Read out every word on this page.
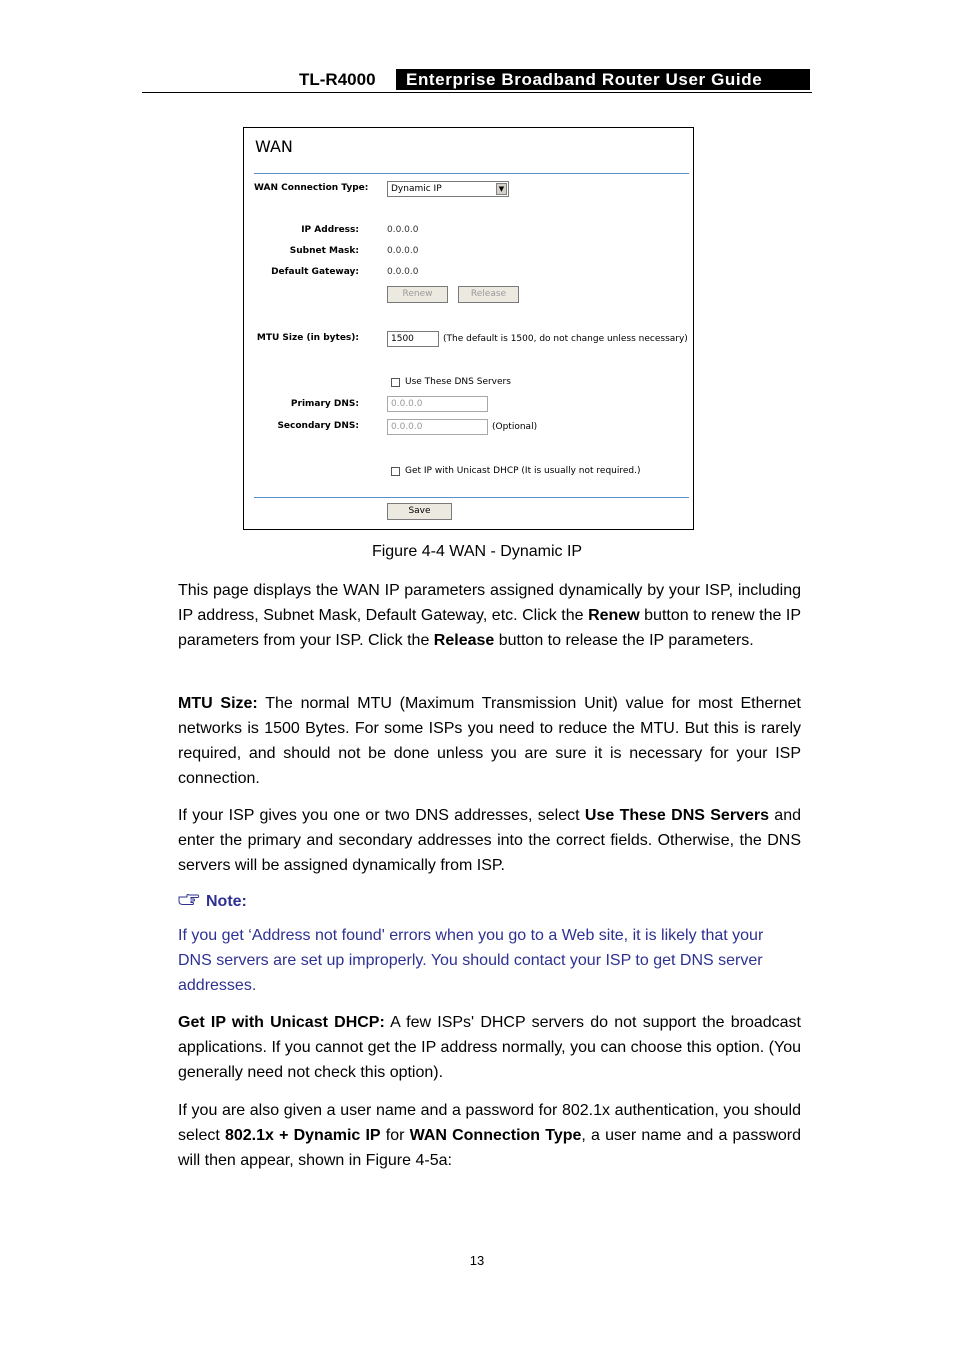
TL-R4000	Enterprise Broadband Router User Guide
WAN
WAN Connection Type:	Dynamic IP	▼
IP Address:	0.0.0.0
Subnet Mask:	0.0.0.0
Default Gateway:	0.0.0.0
Renew	Release
MTU Size (in bytes):	1500	(The default is 1500, do not change unless necessary)
Use These DNS Servers
Primary DNS:	0.0.0.0
Secondary DNS:	0.0.0.0	(Optional)
Get IP with Unicast DHCP (It is usually not required.)
Save
Figure 4-4 WAN - Dynamic IP
This page displays the WAN IP parameters assigned dynamically by your ISP, including IP address, Subnet Mask, Default Gateway, etc. Click the Renew button to renew the IP parameters from your ISP. Click the Release button to release the IP parameters.
MTU Size: The normal MTU (Maximum Transmission Unit) value for most Ethernet networks is 1500 Bytes. For some ISPs you need to reduce the MTU. But this is rarely required, and should not be done unless you are sure it is necessary for your ISP connection.
If your ISP gives you one or two DNS addresses, select Use These DNS Servers and enter the primary and secondary addresses into the correct fields. Otherwise, the DNS servers will be assigned dynamically from ISP.
Note:
If you get ‘Address not found' errors when you go to a Web site, it is likely that your DNS servers are set up improperly. You should contact your ISP to get DNS server addresses.
Get IP with Unicast DHCP: A few ISPs' DHCP servers do not support the broadcast applications. If you cannot get the IP address normally, you can choose this option. (You generally need not check this option).
If you are also given a user name and a password for 802.1x authentication, you should select 802.1x + Dynamic IP for WAN Connection Type, a user name and a password will then appear, shown in Figure 4-5a:
13
